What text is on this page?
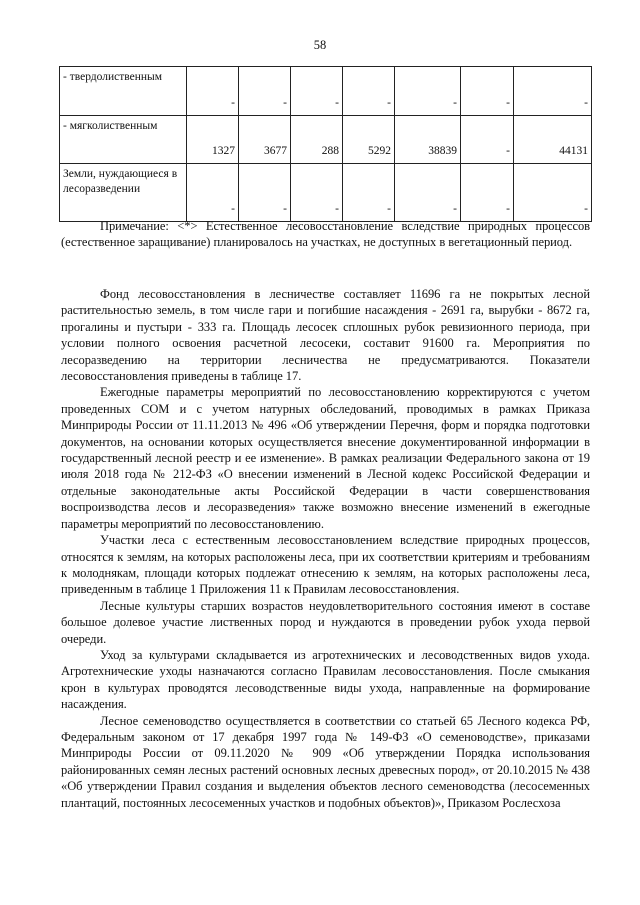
58
- твердолиственным	-	-	-	-	-	-	-
- мягколиственным	1327	3677	288	5292	38839	-	44131
Земли, нуждающиеся в лесоразведении	-	-	-	-	-	-	-

Примечание: <*> Естественное лесовосстановление вследствие природных процессов (естественное заращивание) планировалось на участках, не доступных в вегетационный период.

Фонд лесовосстановления в лесничестве составляет 11696 га не покрытых лесной растительностью земель, в том числе гари и погибшие насаждения - 2691 га, вырубки - 8672 га, прогалины и пустыри - 333 га. Площадь лесосек сплошных рубок ревизионного периода, при условии полного освоения расчетной лесосеки, составит 91600 га. Мероприятия по лесоразведению на территории лесничества не предусматриваются. Показатели лесовосстановления приведены в таблице 17.

Ежегодные параметры мероприятий по лесовосстановлению корректируются с учетом проведенных СОМ и с учетом натурных обследований, проводимых в рамках Приказа Минприроды России от 11.11.2013 № 496 «Об утверждении Перечня, форм и порядка подготовки документов, на основании которых осуществляется внесение документированной информации в государственный лесной реестр и ее изменение». В рамках реализации Федерального закона от 19 июля 2018 года № 212-ФЗ «О внесении изменений в Лесной кодекс Российской Федерации и отдельные законодательные акты Российской Федерации в части совершенствования воспроизводства лесов и лесоразведения» также возможно внесение изменений в ежегодные параметры мероприятий по лесовосстановлению.

Участки леса с естественным лесовосстановлением вследствие природных процессов, относятся к землям, на которых расположены леса, при их соответствии критериям и требованиям к молоднякам, площади которых подлежат отнесению к землям, на которых расположены леса, приведенным в таблице 1 Приложения 11 к Правилам лесовосстановления.

Лесные культуры старших возрастов неудовлетворительного состояния имеют в составе большое долевое участие лиственных пород и нуждаются в проведении рубок ухода первой очереди.

Уход за культурами складывается из агротехнических и лесоводственных видов ухода. Агротехнические уходы назначаются согласно Правилам лесовосстановления. После смыкания крон в культурах проводятся лесоводственные виды ухода, направленные на формирование насаждения.

Лесное семеноводство осуществляется в соответствии со статьей 65 Лесного кодекса РФ, Федеральным законом от 17 декабря 1997 года № 149-ФЗ «О семеноводстве», приказами Минприроды России от 09.11.2020 № 909 «Об утверждении Порядка использования районированных семян лесных растений основных лесных древесных пород», от 20.10.2015 № 438 «Об утверждении Правил создания и выделения объектов лесного семеноводства (лесосеменных плантаций, постоянных лесосеменных участков и подобных объектов)», Приказом Рослесхоза
